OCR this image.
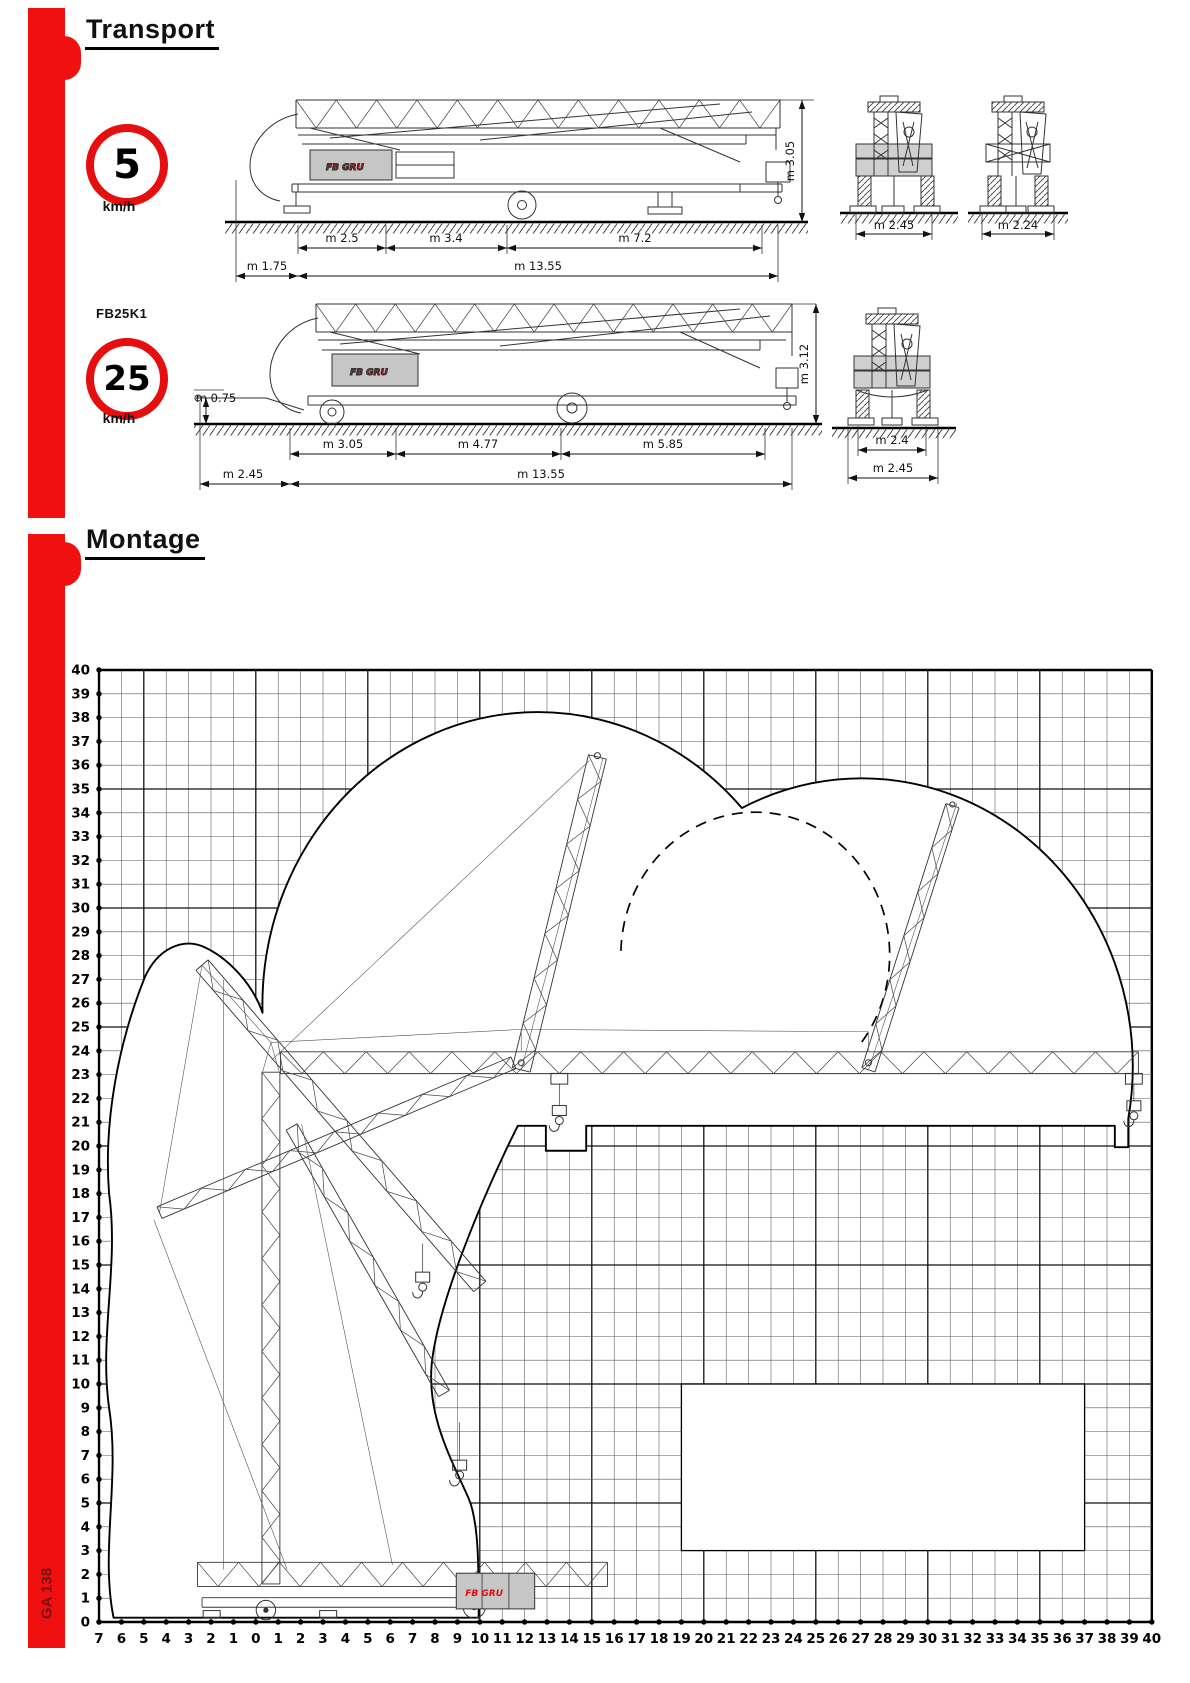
GA 138
Transport
Montage
5
km/h
FB25K1
25
km/h
FB GRU
m 2.5	m 3.4	m 7.2
m 1.75	m 13.55
m 3.05
m 2.45	m 2.24
FB GRU
m 0.75
m 3.05	m 4.77	m 5.85
m 2.45	m 13.55
m 3.12
m 2.4
m 2.45
FB GRU
7 6 5 4 3 2 1 0 1 2 3 4 5 6 7 8 9 10 11 12 13 14 15 16 17 18 19 20 21 22 23 24 25 26 27 28 29 30 31 32 33 34 35 36 37 38 39 40
40
39
38
37
36
35
34
33
32
31
30
29
28
27
26
25
24
23
22
21
20
19
18
17
16
15
14
13
12
11
10
9
8
7
6
5
4
3
2
1
0
